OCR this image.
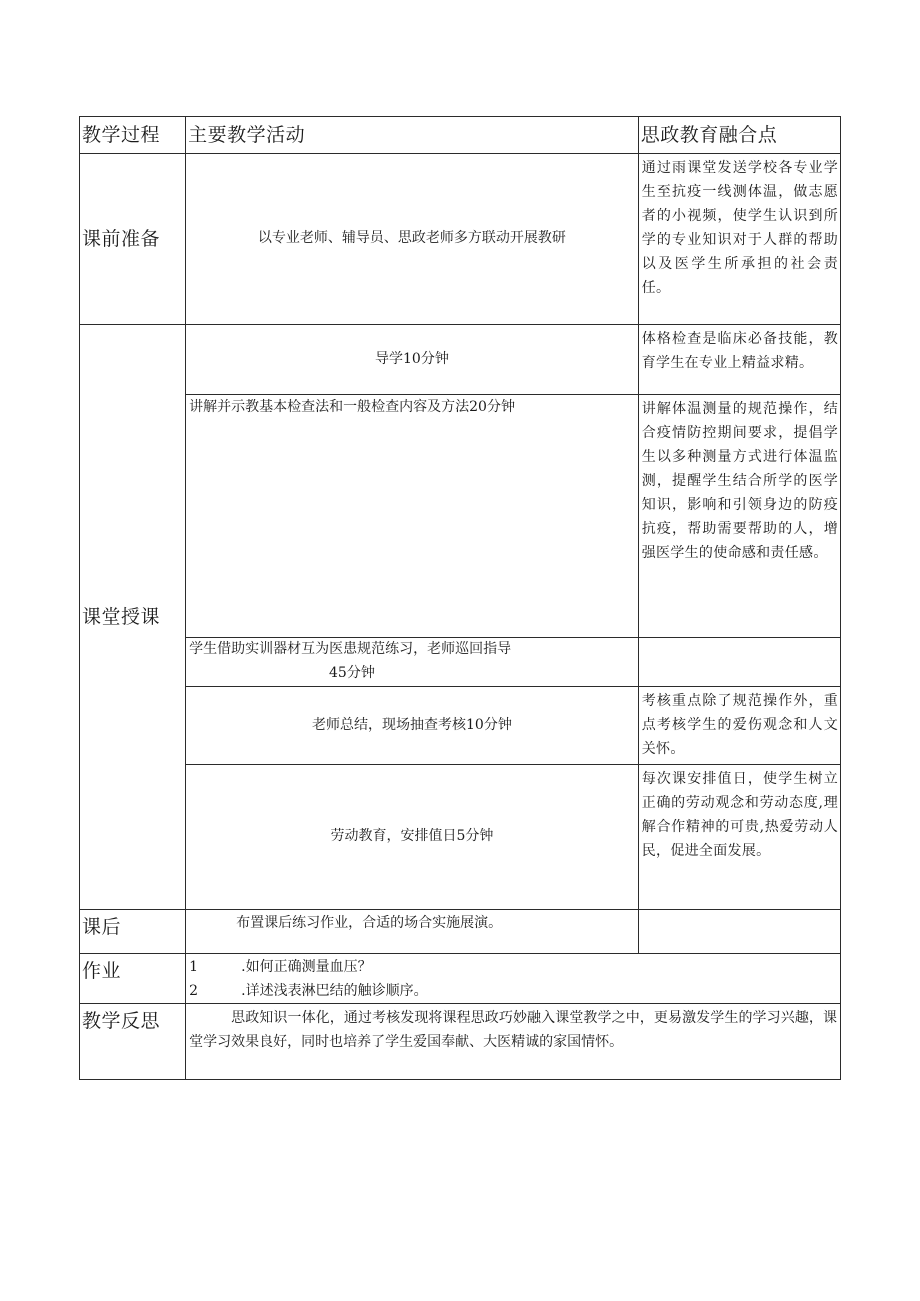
教学过程	主要教学活动	思政教育融合点
课前准备	以专业老师、辅导员、思政老师多方联动开展教研	通过雨课堂发送学校各专业学生至抗疫一线测体温，做志愿者的小视频，使学生认识到所学的专业知识对于人群的帮助以及医学生所承担的社会责任。
课堂授课	导学10分钟	体格检查是临床必备技能，教育学生在专业上精益求精。
	讲解并示教基本检查法和一般检查内容及方法20分钟	讲解体温测量的规范操作，结合疫情防控期间要求，提倡学生以多种测量方式进行体温监测，提醒学生结合所学的医学知识，影响和引领身边的防疫抗疫，帮助需要帮助的人，增强医学生的使命感和责任感。

	学生借助实训器材互为医患规范练习，老师巡回指导
45分钟	

	老师总结，现场抽查考核10分钟	考核重点除了规范操作外，重点考核学生的爱伤观念和人文关怀。
	劳动教育，安排值日5分钟	每次课安排值日，使学生树立正确的劳动观念和劳动态度,理解合作精神的可贵,热爱劳动人民，促进全面发展。
课后	布置课后练习作业，合适的场合实施展演。	
作业	1 .如何正确测量血压？
2 .详述浅表淋巴结的触诊顺序。	

教学反思	思政知识一体化，通过考核发现将课程思政巧妙融入课堂教学之中，更易激发学生的学习兴趣，课堂学习效果良好，同时也培养了学生爱国奉献、大医精诚的家国情怀。	
